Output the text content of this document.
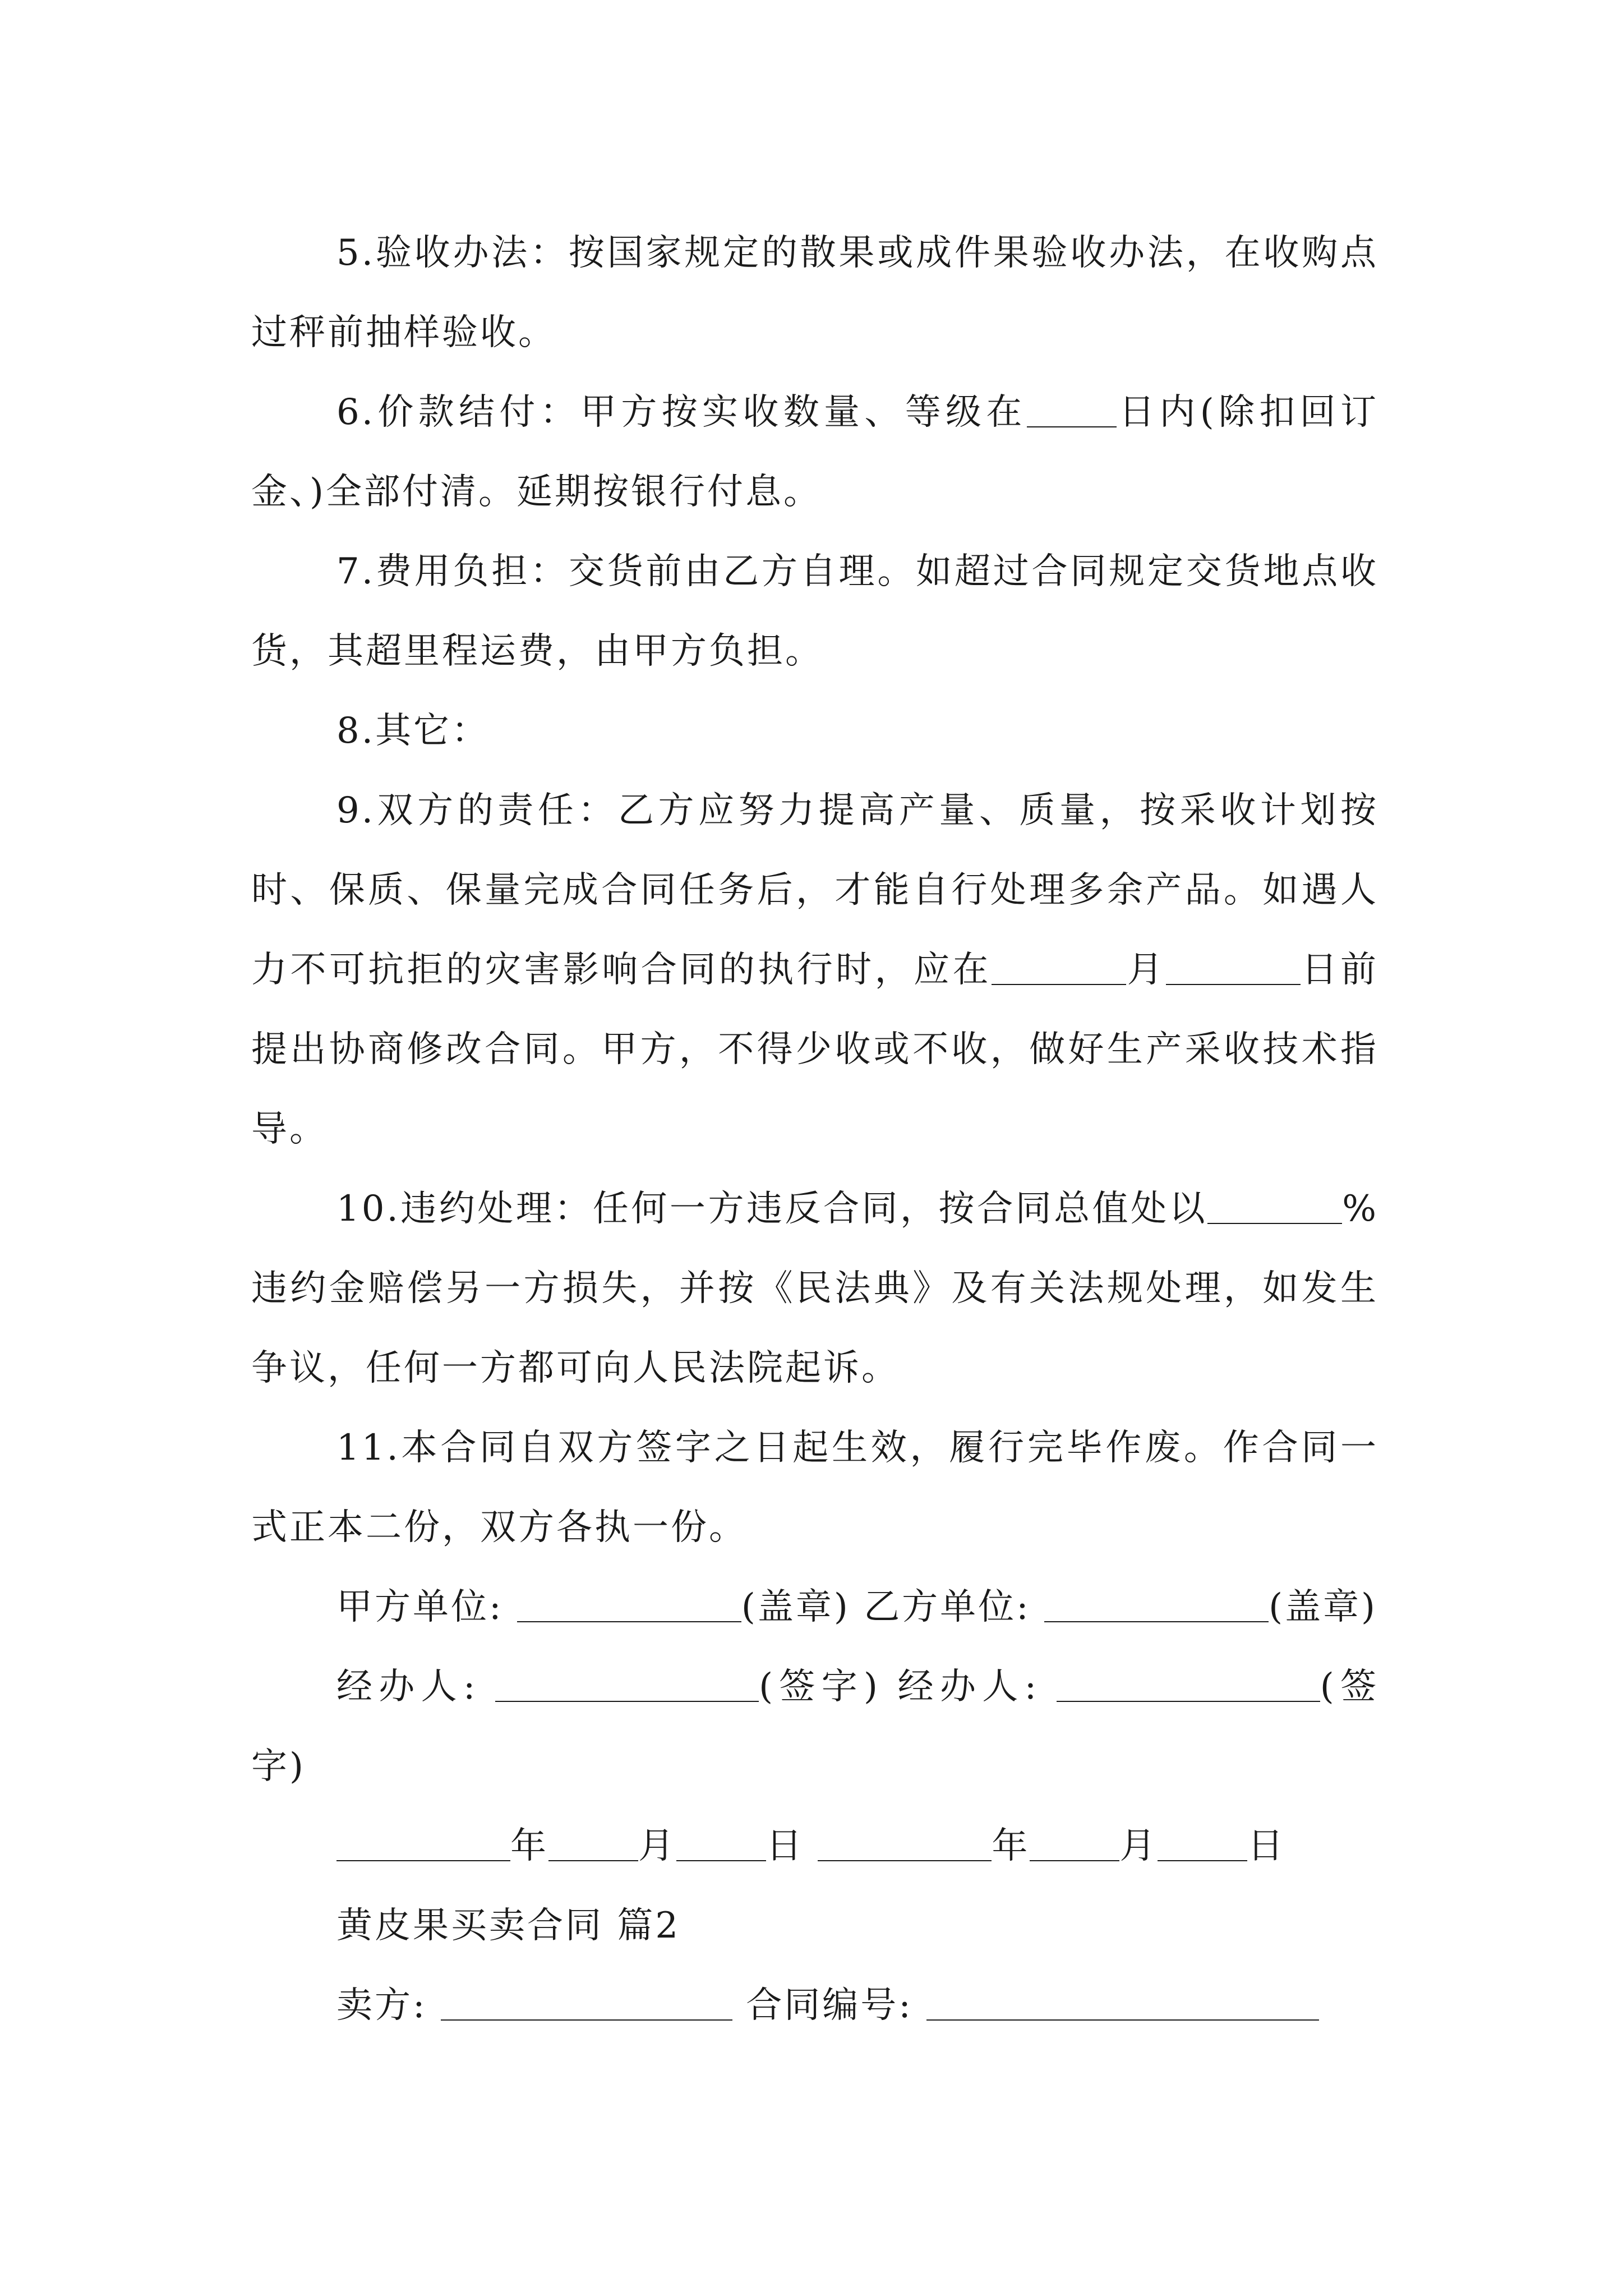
5.验收办法：按国家规定的散果或成件果验收办法，在收购点过秤前抽样验收。

6.价款结付：甲方按实收数量、等级在	日内(除扣回订金、)全部付清。延期按银行付息。

7.费用负担：交货前由乙方自理。如超过合同规定交货地点收货，其超里程运费，由甲方负担。

8.其它：

9.双方的责任：乙方应努力提高产量、质量，按采收计划按时、保质、保量完成合同任务后，才能自行处理多余产品。如遇人力不可抗拒的灾害影响合同的执行时，应在	月	日前提出协商修改合同。甲方，不得少收或不收，做好生产采收技术指导。

10.违约处理：任何一方违反合同，按合同总值处以	%违约金赔偿另一方损失，并按《民法典》及有关法规处理，如发生争议，任何一方都可向人民法院起诉。

11.本合同自双方签字之日起生效，履行完毕作废。作合同一式正本二份，双方各执一份。

甲方单位:	(盖章) 乙方单位:	(盖章)

经办人:	(签字) 经办人:	(签字)

年	月	日	年	月	日

黄皮果买卖合同 篇2

卖方:	合同编号:
